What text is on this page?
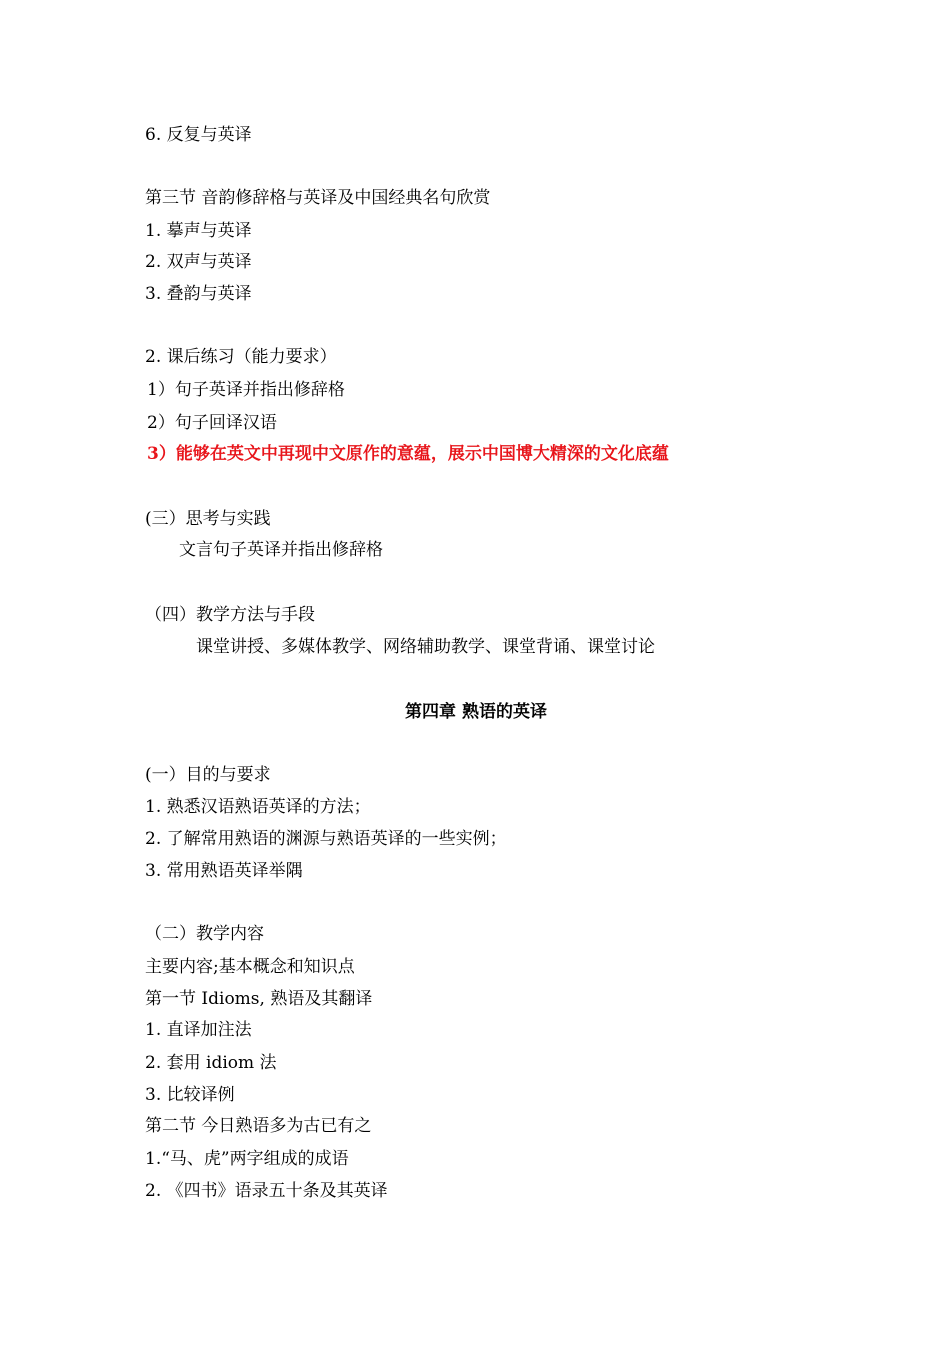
6. 反复与英译
第三节 音韵修辞格与英译及中国经典名句欣赏
1. 摹声与英译
2. 双声与英译
3. 叠韵与英译
2. 课后练习（能力要求）
1）句子英译并指出修辞格
2）句子回译汉语
3）能够在英文中再现中文原作的意蕴，展示中国博大精深的文化底蕴
(三）思考与实践
文言句子英译并指出修辞格
（四）教学方法与手段
课堂讲授、多媒体教学、网络辅助教学、课堂背诵、课堂讨论
第四章 熟语的英译
(一）目的与要求
1. 熟悉汉语熟语英译的方法；
2. 了解常用熟语的渊源与熟语英译的一些实例；
3. 常用熟语英译举隅
（二）教学内容
主要内容;基本概念和知识点
第一节 Idioms, 熟语及其翻译
1. 直译加注法
2. 套用 idiom 法
3. 比较译例
第二节 今日熟语多为古已有之
1.“马、虎”两字组成的成语
2. 《四书》语录五十条及其英译
